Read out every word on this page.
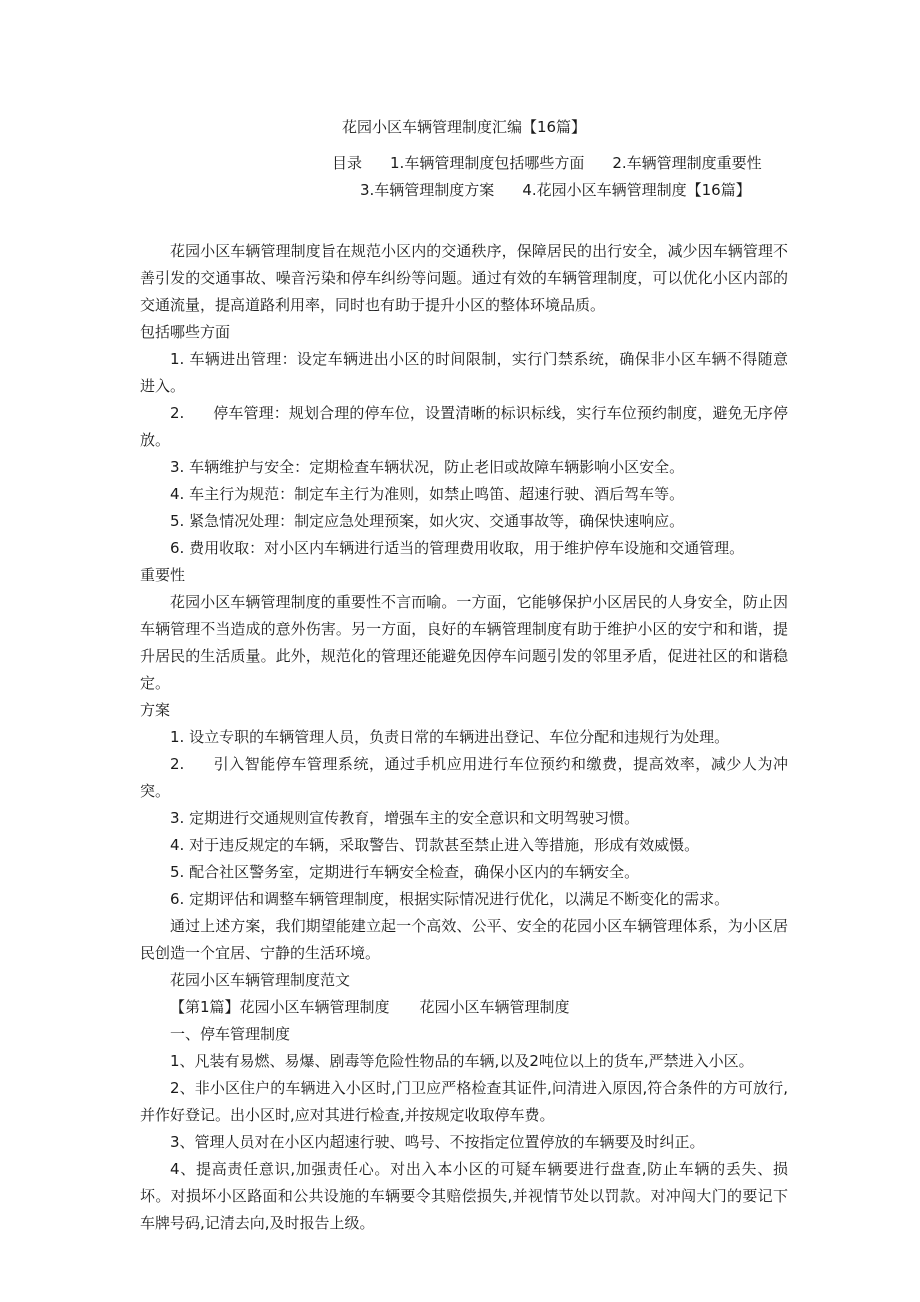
花园小区车辆管理制度汇编【16篇】
目录 1.车辆管理制度包括哪些方面 2.车辆管理制度重要性3.车辆管理制度方案 4.花园小区车辆管理制度【16篇】
花园小区车辆管理制度旨在规范小区内的交通秩序，保障居民的出行安全，减少因车辆管理不善引发的交通事故、噪音污染和停车纠纷等问题。通过有效的车辆管理制度，可以优化小区内部的交通流量，提高道路利用率，同时也有助于提升小区的整体环境品质。
包括哪些方面
1. 车辆进出管理：设定车辆进出小区的时间限制，实行门禁系统，确保非小区车辆不得随意进入。
2. 停车管理：规划合理的停车位，设置清晰的标识标线，实行车位预约制度，避免无序停放。
3. 车辆维护与安全：定期检查车辆状况，防止老旧或故障车辆影响小区安全。
4. 车主行为规范：制定车主行为准则，如禁止鸣笛、超速行驶、酒后驾车等。
5. 紧急情况处理：制定应急处理预案，如火灾、交通事故等，确保快速响应。
6. 费用收取：对小区内车辆进行适当的管理费用收取，用于维护停车设施和交通管理。
重要性
花园小区车辆管理制度的重要性不言而喻。一方面，它能够保护小区居民的人身安全，防止因车辆管理不当造成的意外伤害。另一方面，良好的车辆管理制度有助于维护小区的安宁和和谐，提升居民的生活质量。此外，规范化的管理还能避免因停车问题引发的邻里矛盾，促进社区的和谐稳定。
方案
1. 设立专职的车辆管理人员，负责日常的车辆进出登记、车位分配和违规行为处理。
2. 引入智能停车管理系统，通过手机应用进行车位预约和缴费，提高效率，减少人为冲突。
3. 定期进行交通规则宣传教育，增强车主的安全意识和文明驾驶习惯。
4. 对于违反规定的车辆，采取警告、罚款甚至禁止进入等措施，形成有效威慑。
5. 配合社区警务室，定期进行车辆安全检查，确保小区内的车辆安全。
6. 定期评估和调整车辆管理制度，根据实际情况进行优化，以满足不断变化的需求。
通过上述方案，我们期望能建立起一个高效、公平、安全的花园小区车辆管理体系，为小区居民创造一个宜居、宁静的生活环境。
花园小区车辆管理制度范文
【第1篇】花园小区车辆管理制度 花园小区车辆管理制度
一、停车管理制度
1、凡装有易燃、易爆、剧毒等危险性物品的车辆,以及2吨位以上的货车,严禁进入小区。
2、非小区住户的车辆进入小区时,门卫应严格检查其证件,问清进入原因,符合条件的方可放行,并作好登记。出小区时,应对其进行检查,并按规定收取停车费。
3、管理人员对在小区内超速行驶、鸣号、不按指定位置停放的车辆要及时纠正。
4、提高责任意识,加强责任心。对出入本小区的可疑车辆要进行盘查,防止车辆的丢失、损坏。对损坏小区路面和公共设施的车辆要令其赔偿损失,并视情节处以罚款。对冲闯大门的要记下车牌号码,记清去向,及时报告上级。
